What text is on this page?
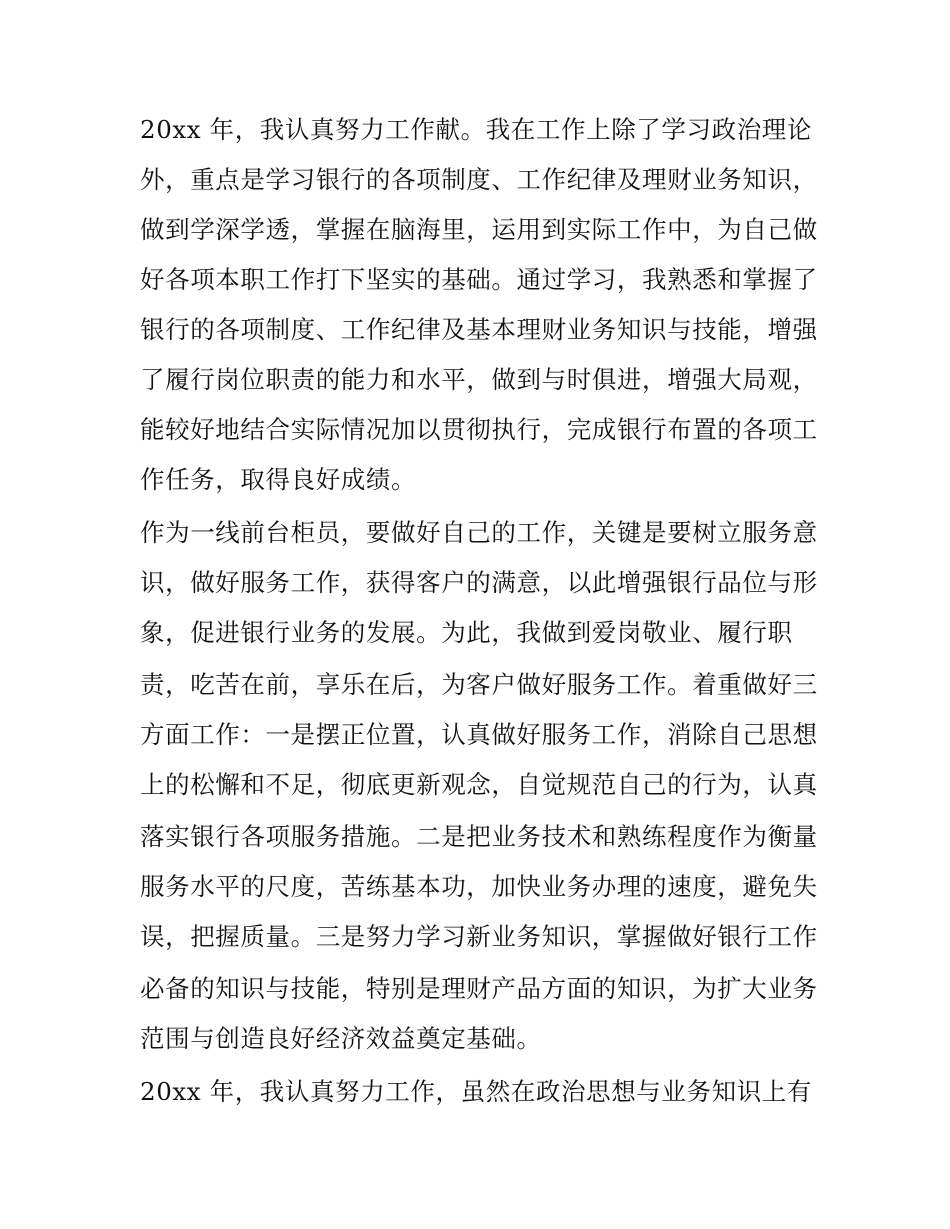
20xx 年，我认真努力工作献。我在工作上除了学习政治理论
外，重点是学习银行的各项制度、工作纪律及理财业务知识，
做到学深学透，掌握在脑海里，运用到实际工作中，为自己做
好各项本职工作打下坚实的基础。通过学习，我熟悉和掌握了
银行的各项制度、工作纪律及基本理财业务知识与技能，增强
了履行岗位职责的能力和水平，做到与时俱进，增强大局观，
能较好地结合实际情况加以贯彻执行，完成银行布置的各项工
作任务，取得良好成绩。
作为一线前台柜员，要做好自己的工作，关键是要树立服务意
识，做好服务工作，获得客户的满意，以此增强银行品位与形
象，促进银行业务的发展。为此，我做到爱岗敬业、履行职
责，吃苦在前，享乐在后，为客户做好服务工作。着重做好三
方面工作：一是摆正位置，认真做好服务工作，消除自己思想
上的松懈和不足，彻底更新观念，自觉规范自己的行为，认真
落实银行各项服务措施。二是把业务技术和熟练程度作为衡量
服务水平的尺度，苦练基本功，加快业务办理的速度，避免失
误，把握质量。三是努力学习新业务知识，掌握做好银行工作
必备的知识与技能，特别是理财产品方面的知识，为扩大业务
范围与创造良好经济效益奠定基础。
20xx 年，我认真努力工作，虽然在政治思想与业务知识上有
